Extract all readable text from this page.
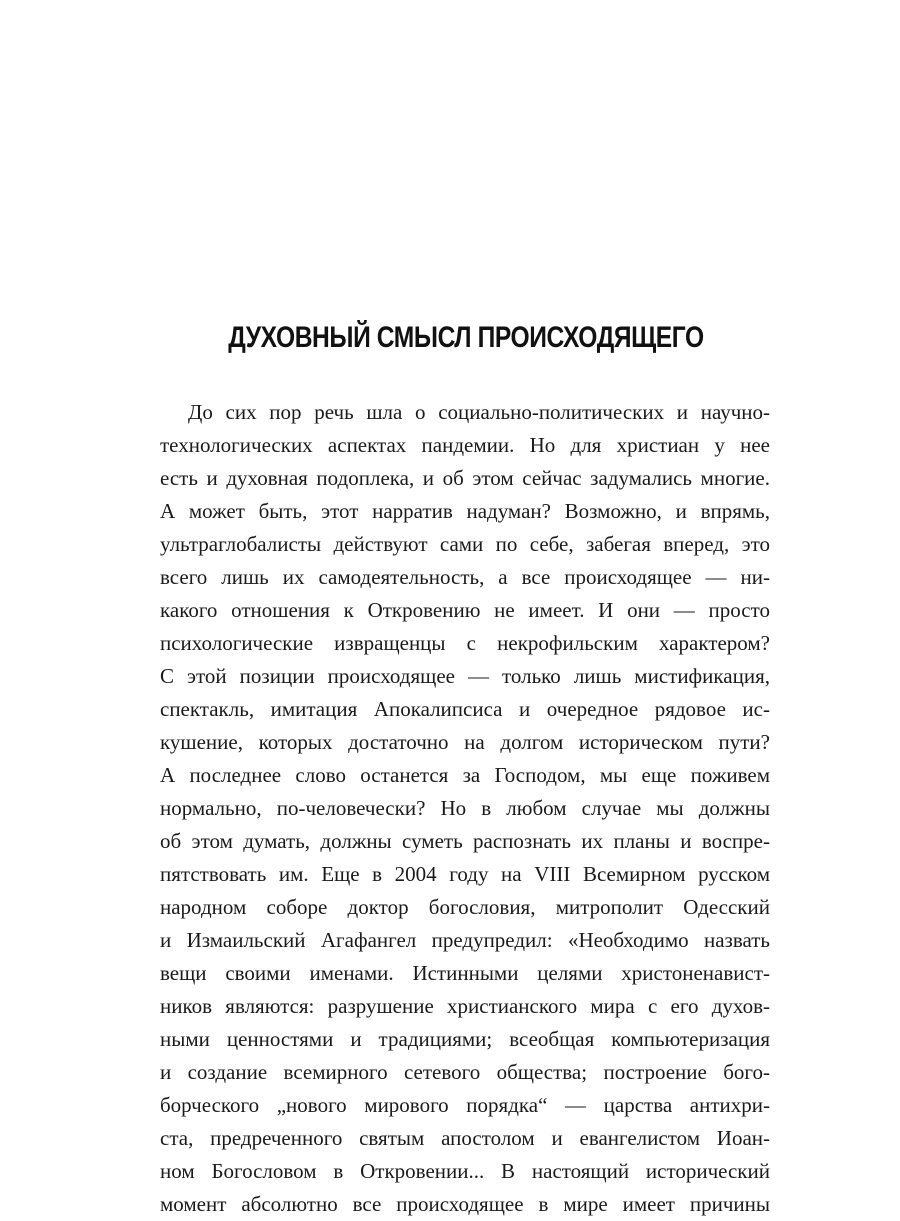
ДУХОВНЫЙ СМЫСЛ ПРОИСХОДЯЩЕГО
До сих пор речь шла о социально-политических и научно-
технологических аспектах пандемии. Но для христиан у нее
есть и духовная подоплека, и об этом сейчас задумались многие.
А может быть, этот нарратив надуман? Возможно, и впрямь,
ультраглобалисты действуют сами по себе, забегая вперед, это
всего лишь их самодеятельность, а все происходящее — ни-
какого отношения к Откровению не имеет. И они — просто
психологические извращенцы с некрофильским характером?
С этой позиции происходящее — только лишь мистификация,
спектакль, имитация Апокалипсиса и очередное рядовое ис-
кушение, которых достаточно на долгом историческом пути?
А последнее слово останется за Господом, мы еще поживем
нормально, по-человечески? Но в любом случае мы должны
об этом думать, должны суметь распознать их планы и воспре-
пятствовать им. Еще в 2004 году на VIII Всемирном русском
народном соборе доктор богословия, митрополит Одесский
и Измаильский Агафангел предупредил: «Необходимо назвать
вещи своими именами. Истинными целями христоненавист-
ников являются: разрушение христианского мира с его духов-
ными ценностями и традициями; всеобщая компьютеризация
и создание всемирного сетевого общества; построение бого-
борческого „нового мирового порядка“ — царства антихри-
ста, предреченного святым апостолом и евангелистом Иоан-
ном Богословом в Откровении... В настоящий исторический
момент абсолютно все происходящее в мире имеет причины
